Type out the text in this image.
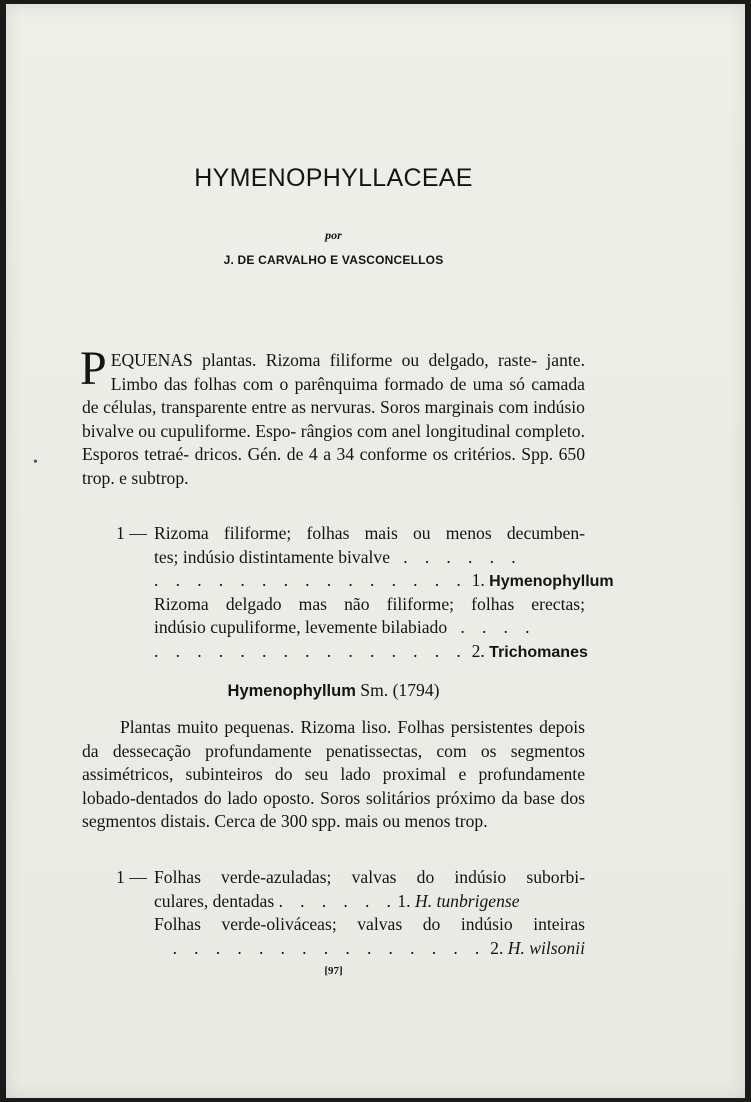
HYMENOPHYLLACEAE
por
J. DE CARVALHO E VASCONCELLOS
P EQUENAS plantas. Rizoma filiforme ou delgado, raste- jante. Limbo das folhas com o parênquima formado de uma só camada de células, transparente entre as nervuras. Soros marginais com indúsio bivalve ou cupuliforme. Espo- rângios com anel longitudinal completo. Esporos tetraé- dricos. Gén. de 4 a 34 conforme os critérios. Spp. 650 trop. e subtrop.
1 — Rizoma filiforme; folhas mais ou menos decumben-
tes; indúsio distintamente bivalve . . . . . .
. . . . . . . . . . . . . . . 1. Hymenophyllum
Rizoma delgado mas não filiforme; folhas erectas;
indúsio cupuliforme, levemente bilabiado . . . .
. . . . . . . . . . . . . . . 2. Trichomanes
Hymenophyllum Sm. (1794)
Plantas muito pequenas. Rizoma liso. Folhas persistentes depois da dessecação profundamente penatissectas, com os segmentos assimétricos, subinteiros do seu lado proximal e profundamente lobado-dentados do lado oposto. Soros solitários próximo da base dos segmentos distais. Cerca de 300 spp. mais ou menos trop.
1 — Folhas verde-azuladas; valvas do indúsio suborbi-
culares, dentadas . . . . . .1. H. tunbrigense
Folhas verde-oliváceas; valvas do indúsio inteiras
. . . . . . . . . . . . . . . 2. H. wilsonii
[97]
•
